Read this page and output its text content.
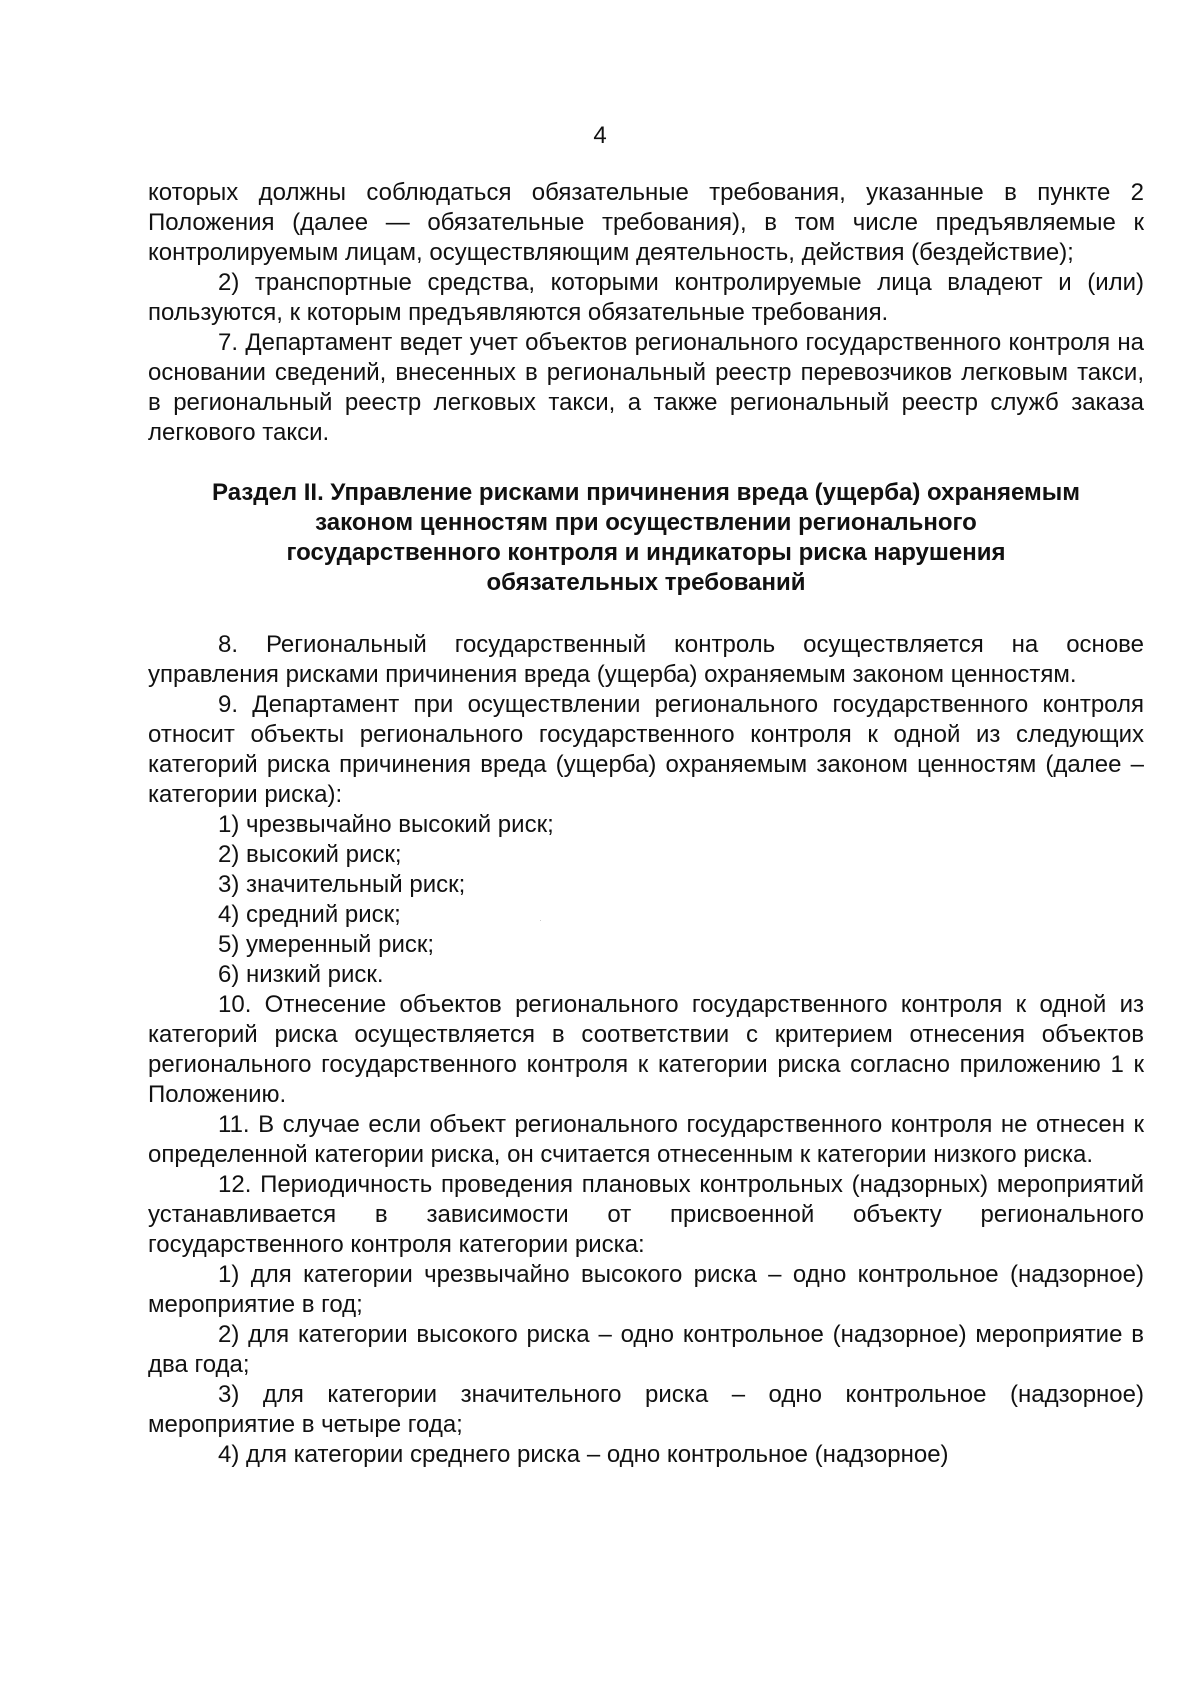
4

которых должны соблюдаться обязательные требования, указанные в пункте 2 Положения (далее — обязательные требования), в том числе предъявляемые к контролируемым лицам, осуществляющим деятельность, действия (бездействие);

2) транспортные средства, которыми контролируемые лица владеют и (или) пользуются, к которым предъявляются обязательные требования.

7. Департамент ведет учет объектов регионального государственного контроля на основании сведений, внесенных в региональный реестр перевозчиков легковым такси, в региональный реестр легковых такси, а также региональный реестр служб заказа легкового такси.

Раздел II. Управление рисками причинения вреда (ущерба) охраняемым законом ценностям при осуществлении регионального государственного контроля и индикаторы риска нарушения обязательных требований

8. Региональный государственный контроль осуществляется на основе управления рисками причинения вреда (ущерба) охраняемым законом ценностям.

9. Департамент при осуществлении регионального государственного контроля относит объекты регионального государственного контроля к одной из следующих категорий риска причинения вреда (ущерба) охраняемым законом ценностям (далее – категории риска):

1) чрезвычайно высокий риск;

2) высокий риск;

3) значительный риск;

4) средний риск;

5) умеренный риск;

6) низкий риск.

10. Отнесение объектов регионального государственного контроля к одной из категорий риска осуществляется в соответствии с критерием отнесения объектов регионального государственного контроля к категории риска согласно приложению 1 к Положению.

11. В случае если объект регионального государственного контроля не отнесен к определенной категории риска, он считается отнесенным к категории низкого риска.

12. Периодичность проведения плановых контрольных (надзорных) мероприятий устанавливается в зависимости от присвоенной объекту регионального государственного контроля категории риска:

1) для категории чрезвычайно высокого риска – одно контрольное (надзорное) мероприятие в год;

2) для категории высокого риска – одно контрольное (надзорное) мероприятие в два года;

3) для категории значительного риска – одно контрольное (надзорное) мероприятие в четыре года;

4) для категории среднего риска – одно контрольное (надзорное)
